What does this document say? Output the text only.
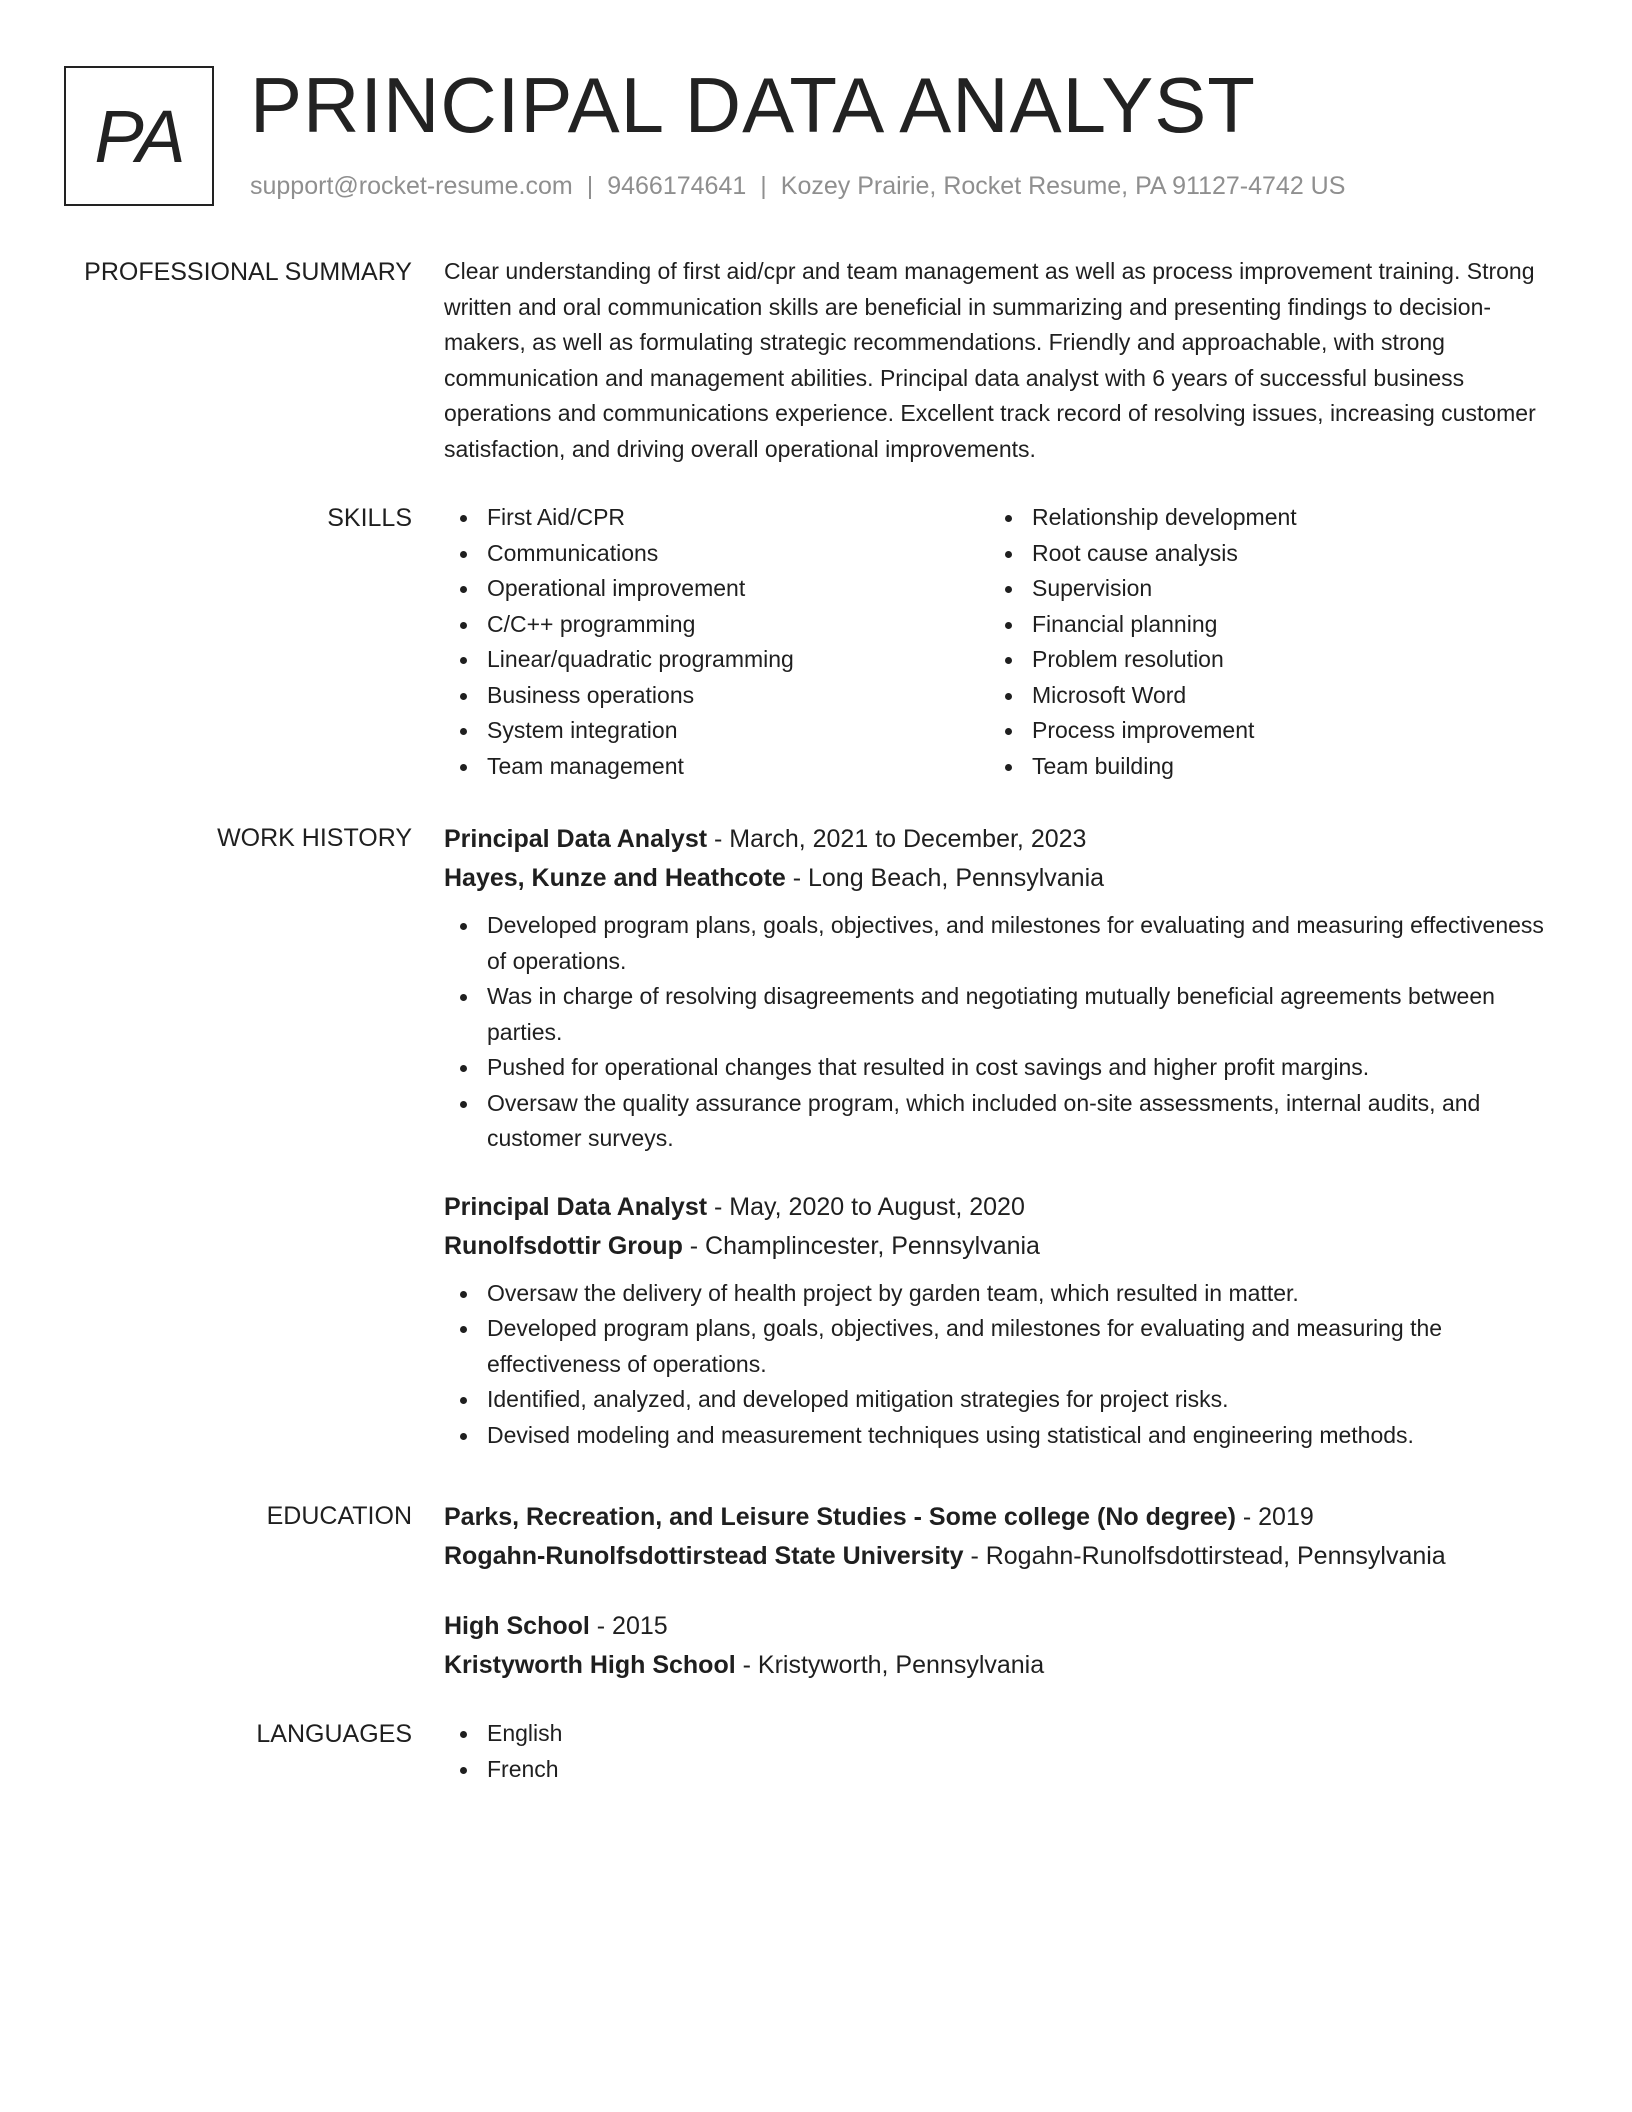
PA PRINCIPAL DATA ANALYST
support@rocket-resume.com | 9466174641 | Kozey Prairie, Rocket Resume, PA 91127-4742 US
PROFESSIONAL SUMMARY Clear understanding of first aid/cpr and team management as well as process improvement training. Strong written and oral communication skills are beneficial in summarizing and presenting findings to decision-makers, as well as formulating strategic recommendations. Friendly and approachable, with strong communication and management abilities. Principal data analyst with 6 years of successful business operations and communications experience. Excellent track record of resolving issues, increasing customer satisfaction, and driving overall operational improvements.

SKILLS	First Aid/CPR
Communications
Operational improvement
C/C++ programming
Linear/quadratic programming
Business operations
System integration
Team management
Relationship development
Root cause analysis
Supervision
Financial planning
Problem resolution
Microsoft Word
Process improvement
Team building
WORK HISTORY Principal Data Analyst - March, 2021 to December, 2023
Hayes, Kunze and Heathcote - Long Beach, Pennsylvania
Developed program plans, goals, objectives, and milestones for evaluating and measuring effectiveness of operations.
Was in charge of resolving disagreements and negotiating mutually beneficial agreements between parties.
Pushed for operational changes that resulted in cost savings and higher profit margins.
Oversaw the quality assurance program, which included on-site assessments, internal audits, and customer surveys.
Principal Data Analyst - May, 2020 to August, 2020
Runolfsdottir Group - Champlincester, Pennsylvania
Oversaw the delivery of health project by garden team, which resulted in matter.
Developed program plans, goals, objectives, and milestones for evaluating and measuring the effectiveness of operations.
Identified, analyzed, and developed mitigation strategies for project risks.
Devised modeling and measurement techniques using statistical and engineering methods.
EDUCATION Parks, Recreation, and Leisure Studies - Some college (No degree) - 2019
Rogahn-Runolfsdottirstead State University - Rogahn-Runolfsdottirstead, Pennsylvania
High School - 2015
Kristyworth High School - Kristyworth, Pennsylvania
LANGUAGES	English
French
